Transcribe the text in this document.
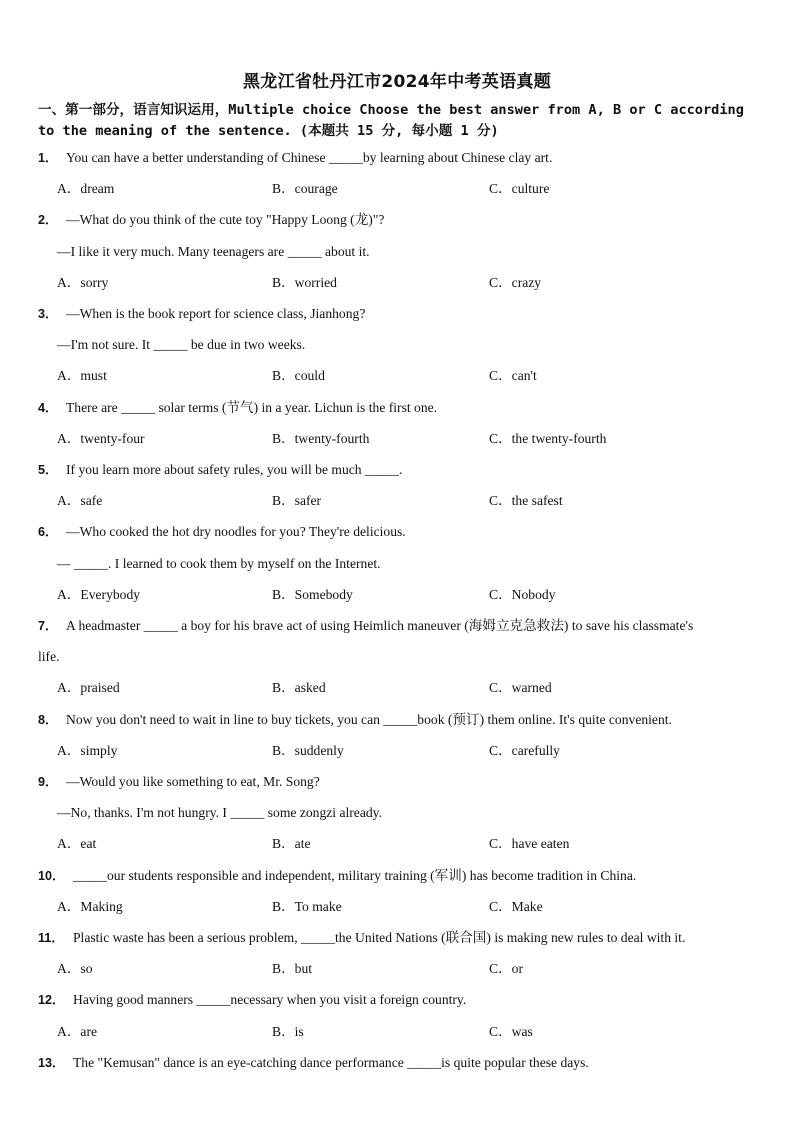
黑龙江省牡丹江市2024年中考英语真题
一、第一部分，语言知识运用，Multiple choice Choose the best answer from A, B or C according to the meaning of the sentence. (本题共 15 分, 每小题 1 分)
1． You can have a better understanding of Chinese _____by learning about Chinese clay art.
A．dream	B．courage	C．culture
2． —What do you think of the cute toy "Happy Loong (龙)"?
—I like it very much. Many teenagers are _____ about it.
A．sorry	B．worried	C．crazy
3． —When is the book report for science class, Jianhong?
—I'm not sure. It _____ be due in two weeks.
A．must	B．could	C．can't
4． There are _____ solar terms (节气) in a year. Lichun is the first one.
A．twenty-four	B．twenty-fourth	C．the twenty-fourth
5． If you learn more about safety rules, you will be much _____.
A．safe	B．safer	C．the safest
6． —Who cooked the hot dry noodles for you? They're delicious.
— _____. I learned to cook them by myself on the Internet.
A．Everybody	B．Somebody	C．Nobody
7． A headmaster _____ a boy for his brave act of using Heimlich maneuver (海姆立克急救法) to save his classmate's
life.
A．praised	B．asked	C．warned
8． Now you don't need to wait in line to buy tickets, you can _____book (预订) them online. It's quite convenient.
A．simply	B．suddenly	C．carefully
9． —Would you like something to eat, Mr. Song?
—No, thanks. I'm not hungry. I _____ some zongzi already.
A．eat	B．ate	C．have eaten
10． _____our students responsible and independent, military training (军训) has become tradition in China.
A．Making	B．To make	C．Make
11． Plastic waste has been a serious problem, _____the United Nations (联合国) is making new rules to deal with it.
A．so	B．but	C．or
12． Having good manners _____necessary when you visit a foreign country.
A．are	B．is	C．was
13． The "Kemusan" dance is an eye-catching dance performance _____is quite popular these days.
